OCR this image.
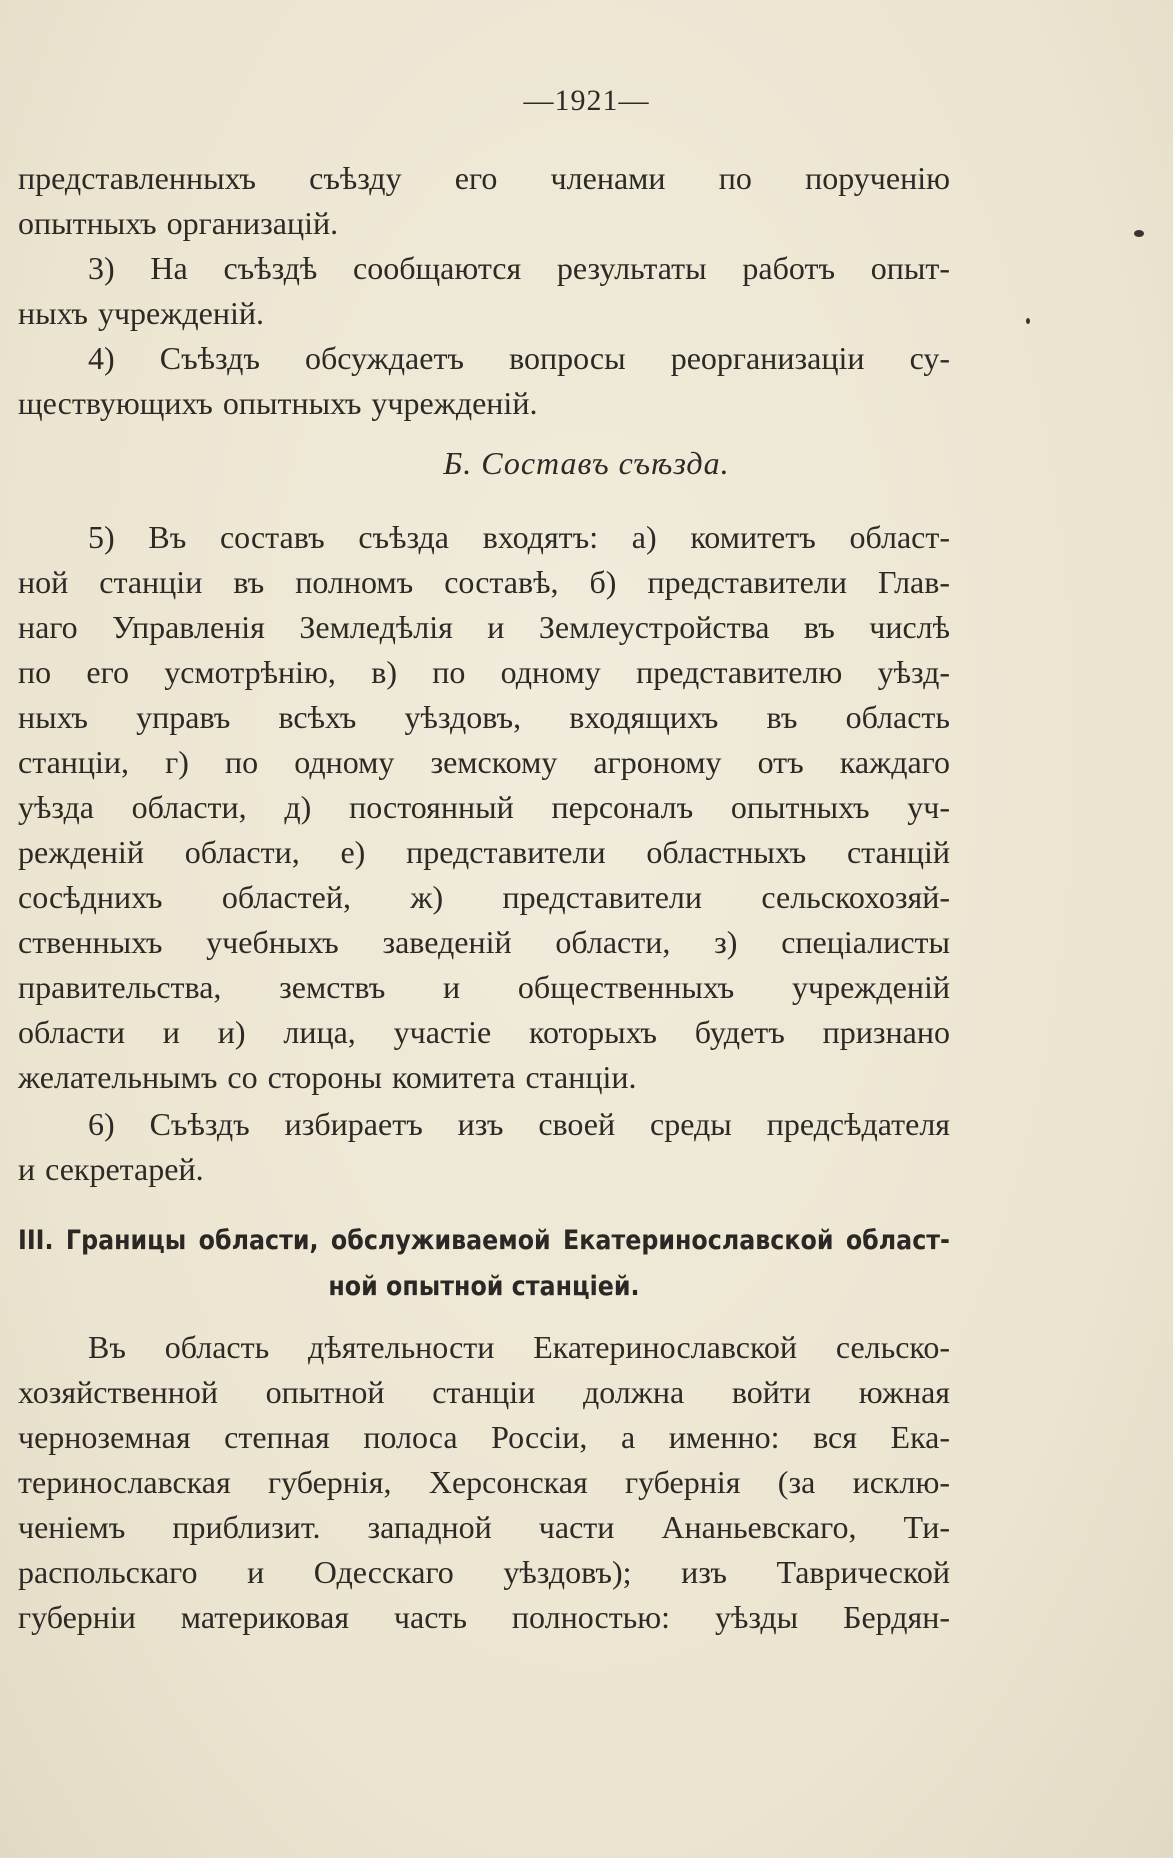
—1921—

представленныхъ съѣзду его членами по порученію
опытныхъ организацій.

3) На съѣздѣ сообщаются результаты работъ опыт-
ныхъ учрежденій.

4) Съѣздъ обсуждаетъ вопросы реорганизаціи су-
ществующихъ опытныхъ учрежденій.

Б. Составъ съѣзда.

5) Въ составъ съѣзда входятъ: а) комитетъ област-
ной станціи въ полномъ составѣ, б) представители Глав-
наго Управленія Земледѣлія и Землеустройства въ числѣ
по его усмотрѣнію, в) по одному представителю уѣзд-
ныхъ управъ всѣхъ уѣздовъ, входящихъ въ область
станціи, г) по одному земскому агроному отъ каждаго
уѣзда области, д) постоянный персоналъ опытныхъ уч-
режденій области, е) представители областныхъ станцій
сосѣднихъ областей, ж) представители сельскохозяй-
ственныхъ учебныхъ заведеній области, з) спеціалисты
правительства, земствъ и общественныхъ учрежденій
области и и) лица, участіе которыхъ будетъ признано
желательнымъ со стороны комитета станціи.

6) Съѣздъ избираетъ изъ своей среды предсѣдателя
и секретарей.

III. Границы области, обслуживаемой Екатеринославской област-
ной опытной станціей.

Въ область дѣятельности Екатеринославской сельско-
хозяйственной опытной станціи должна войти южная
черноземная степная полоса Россіи, а именно: вся Ека-
теринославская губернія, Херсонская губернія (за исклю-
ченіемъ приблизит. западной части Ананьевскаго, Ти-
распольскаго и Одесскаго уѣздовъ); изъ Таврической
губерніи материковая часть полностью: уѣзды Бердян-
